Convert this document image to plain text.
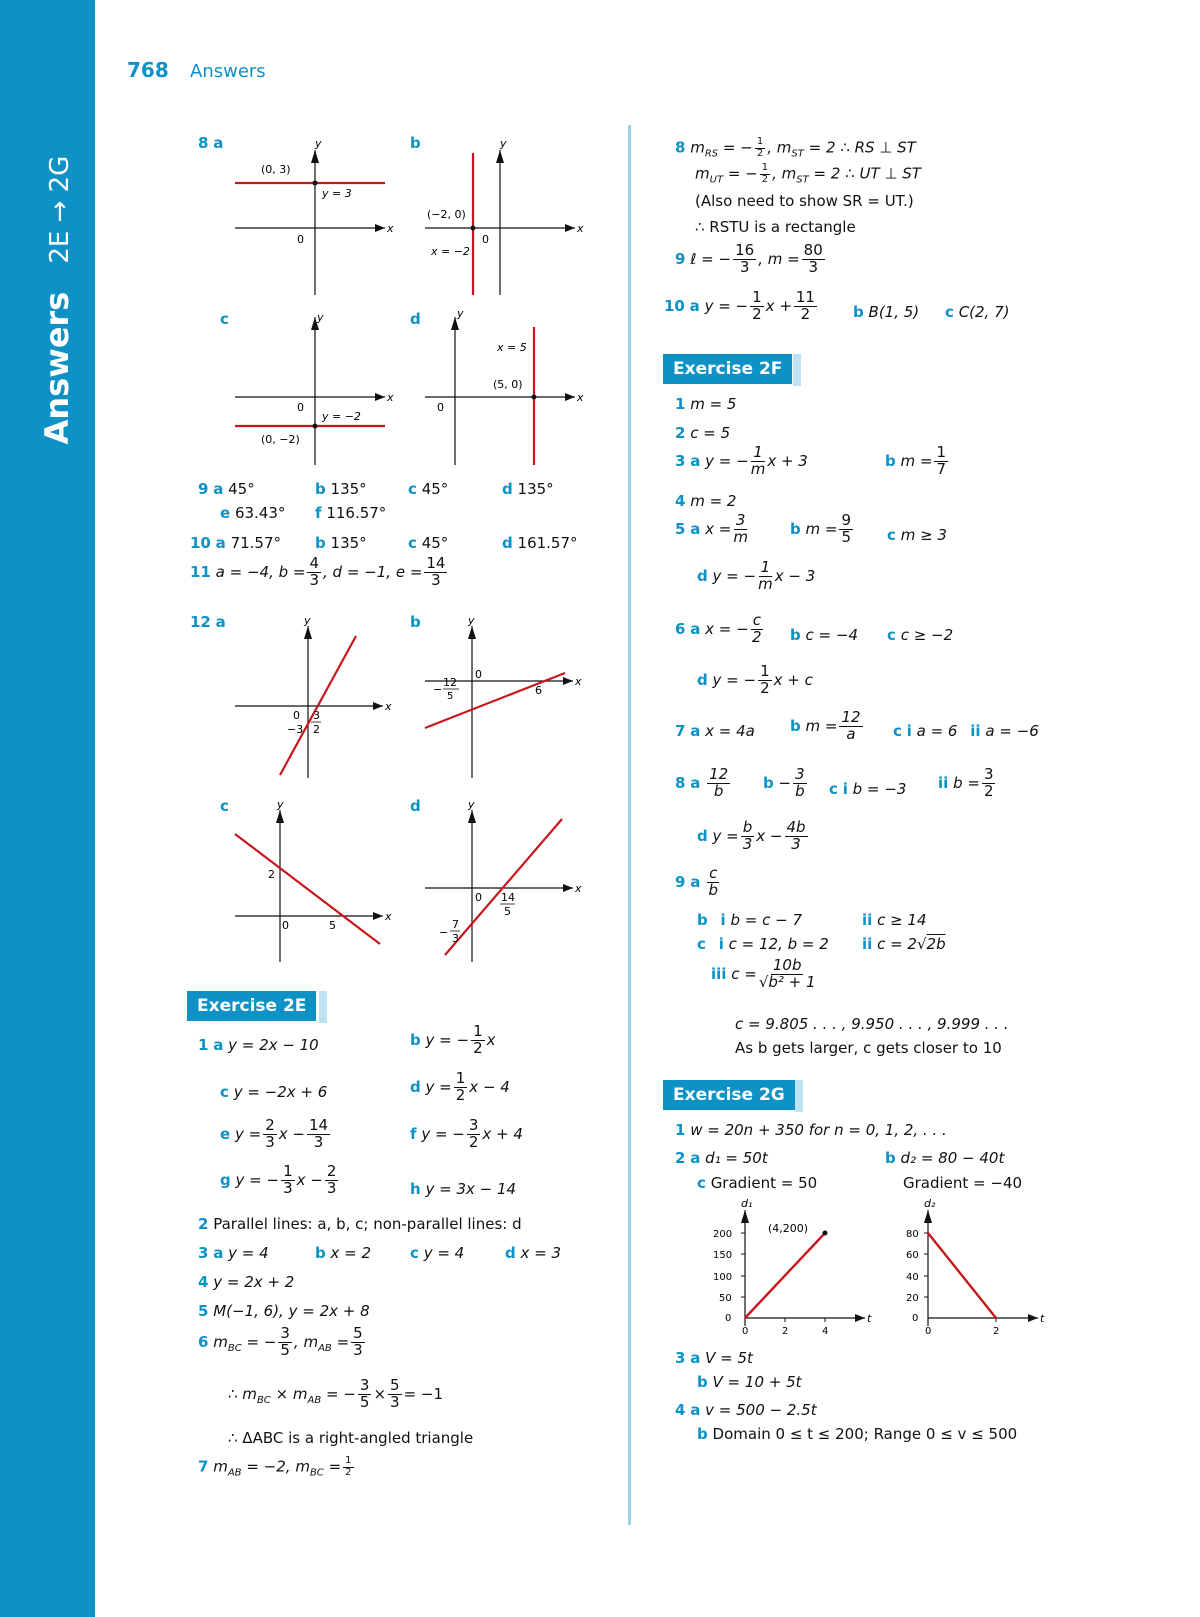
Answers2E → 2G
768 Answers
8 a	b
c	d
x
y
0
(0, 3)
y = 3
x
y
0
(−2, 0)
x = −2
x
y
0
(0, −2)
y = −2
x
y
0
(5, 0)
x = 5
9 a 45°	b 135°	c 45°	d 135°
e 63.43° f 116.57°
10 a 71.57° b 135°	c 45°	d 161.57°
11 a = −4, $b = \frac{4}{3}$ , d = −1, $e = \frac{14}{3}$
12 a	b
c	d
x
y
0
−3
3
2
x
y
0
6
−
12
5
x
y
0	5
2
x
y
0 14
5
−
7
3
Exercise 2E
1 a y = 2x − 10	b y = − $\frac{1}{2}$ x
c y = −2x + 6	d $y = \frac{1}{2}$ x − 4
e $y = \frac{2}{3}$ $x - \frac{14}{3}$	f y = − $\frac{3}{2}$ x + 4
g y = − $\frac{1}{3}$ $x - \frac{2}{3}$	h y = 3x − 14
2 Parallel lines: a, b, c; non-parallel lines: d
3 a y = 4	b x = 2	c y = 4	d x = 3
4 y = 2x + 2
5 M(−1, 6), y = 2x + 8
6 $m_{BC}$ = − $\frac{3}{5}$ , $m_{AB} = \frac{5}{3}$
∴ $m_{BC} \times m_{AB}$ = − $\frac{3}{5} \times \frac{5}{3} = -1$
∴ ΔABC is a right-angled triangle
7 $m_{AB} = -2$, $m_{BC} = \frac{1}{2}$
8 $m_{RS}$ = − $\frac{1}{2}$ , $m_{ST} = 2$ ∴ RS ⊥ ST
$m_{UT}$ = − $\frac{1}{2}$ , $m_{ST} = 2$ ∴ UT ⊥ ST
(Also need to show SR = UT.)
∴ RSTU is a rectangle
9 ℓ = − $\frac{16}{3}$ , $m = \frac{80}{3}$
10 a y = − $\frac{1}{2}$ $x + \frac{11}{2}$ b B(1, 5) c C(2, 7)
Exercise 2F
1 m = 5
2 c = 5
3 a y = − $\frac{1}{m}$ x + 3	b $m = \frac{1}{7}$
4 m = 2
5 a $x = \frac{3}{m}$	b $m = \frac{9}{5}$ c m ≥ 3
d y = − $\frac{1}{m}$ x − 3
6 a x = − $\frac{c}{2}$ b c = −4 c c ≥ −2
d y = − $\frac{1}{2}$ x + c
7 a x = 4a b $m = \frac{12}{a}$ c i a = 6 ii a = −6
8 a $\frac{12}{b}$ $b - \frac{3}{b}$ c i b = −3 ii $b = \frac{3}{2}$
d $y = \frac{b}{3}$ $x - \frac{4b}{3}$
9 a $\frac{c}{b}$
b i b = c − 7	ii c ≥ 14
c i c = 12, b = 2 ii c = 2√2b
iii $c = \frac{10b}{\text{√b² + 1}}$
c = 9.805 . . . , 9.950 . . . , 9.999 . . .
As b gets larger, c gets closer to 10
Exercise 2G
1 w = 20n + 350 for n = 0, 1, 2, . . .
2 a d₁ = 50t	b d₂ = 80 − 40t
c Gradient = 50	Gradient = −40
d₁
t
(4,200)
200
150
100
50
0
0	2	4
d₂
t
80
60
40
20
0
0	2
3 a V = 5t
b V = 10 + 5t
4 a v = 500 − 2.5t
b Domain 0 ≤ t ≤ 200; Range 0 ≤ v ≤ 500
